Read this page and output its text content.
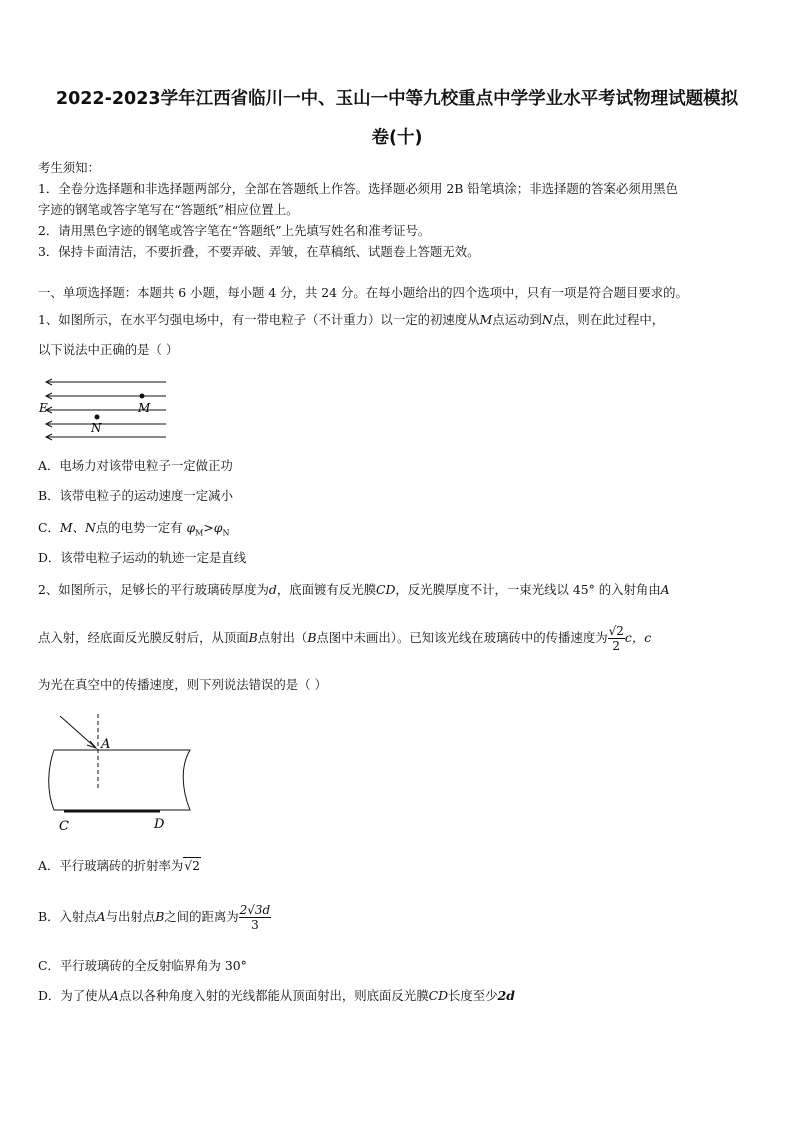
2022-2023学年江西省临川一中、玉山一中等九校重点中学学业水平考试物理试题模拟
卷(十)
考生须知：
1．全卷分选择题和非选择题两部分，全部在答题纸上作答。选择题必须用 2B 铅笔填涂；非选择题的答案必须用黑色
字迹的钢笔或答字笔写在“答题纸”相应位置上。
2．请用黑色字迹的钢笔或答字笔在“答题纸”上先填写姓名和准考证号。
3．保持卡面清洁，不要折叠，不要弄破、弄皱，在草稿纸、试题卷上答题无效。
一、单项选择题：本题共 6 小题，每小题 4 分，共 24 分。在每小题给出的四个选项中，只有一项是符合题目要求的。
1、如图所示，在水平匀强电场中，有一带电粒子（不计重力）以一定的初速度从M点运动到N点，则在此过程中，
以下说法中正确的是（ ）
E	M
N
A．电场力对该带电粒子一定做正功
B．该带电粒子的运动速度一定减小
C．M、N点的电势一定有 $\varphi_M>\varphi_N$
D．该带电粒子运动的轨迹一定是直线
2、如图所示，足够长的平行玻璃砖厚度为d，底面镀有反光膜CD，反光膜厚度不计，一束光线以 45° 的入射角由A
点入射，经底面反光膜反射后，从顶面B点射出（B点图中未画出）。已知该光线在玻璃砖中的传播速度为 $\frac{√2}{2}$ c，c
为光在真空中的传播速度，则下列说法错误的是（ ）
A
C	D
A．平行玻璃砖的折射率为√2
B．入射点A与出射点B之间的距离为 $\frac{2√3d}{3}$
C．平行玻璃砖的全反射临界角为 30°
D．为了使从A点以各种角度入射的光线都能从顶面射出，则底面反光膜CD长度至少2d
